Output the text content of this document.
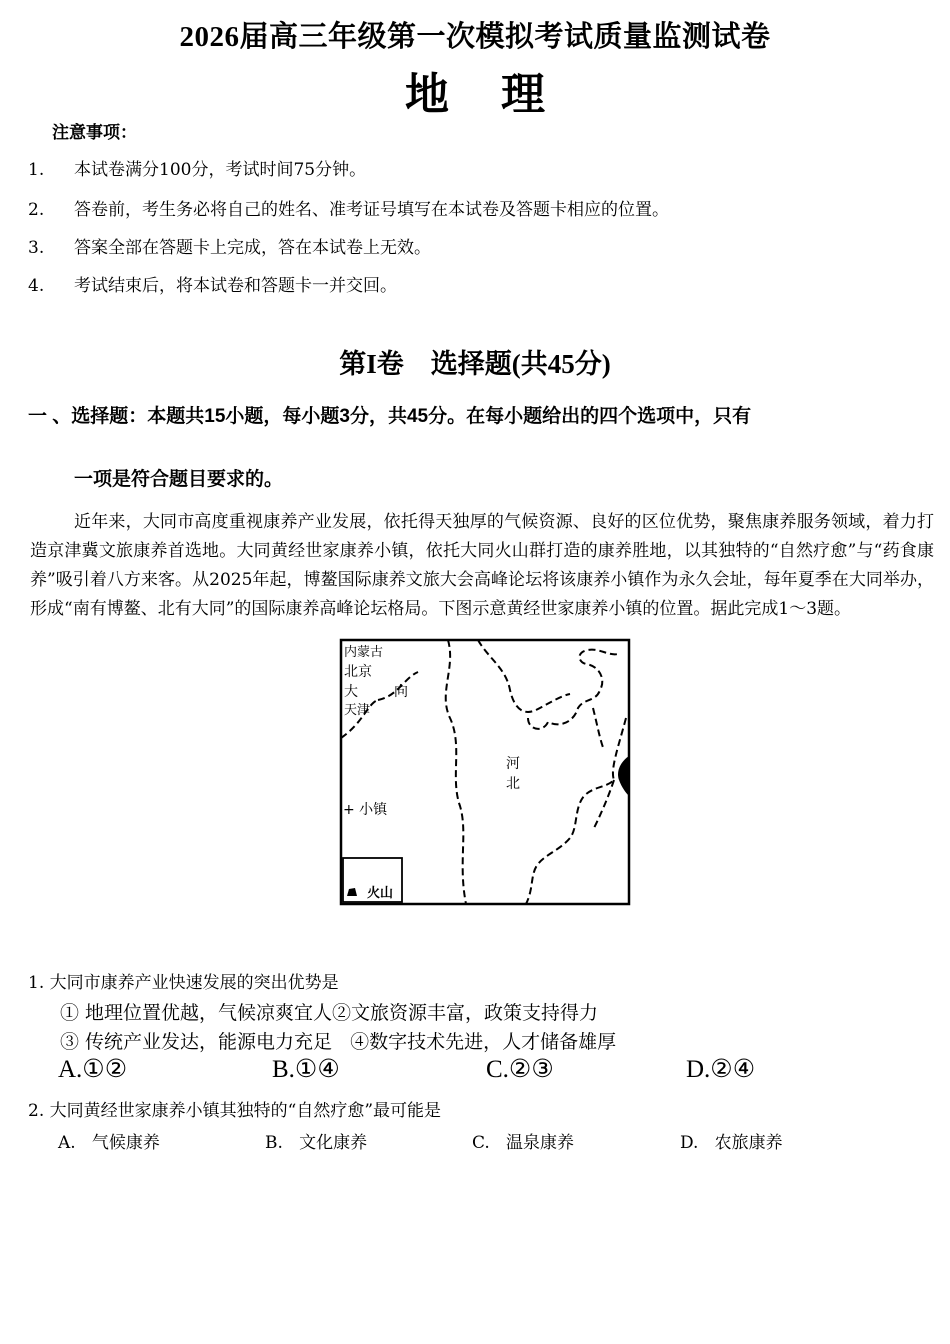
2026届高三年级第一次模拟考试质量监测试卷
地 理
注意事项：
1. 本试卷满分100分，考试时间75分钟。
2. 答卷前，考生务必将自己的姓名、准考证号填写在本试卷及答题卡相应的位置。
3. 答案全部在答题卡上完成，答在本试卷上无效。
4. 考试结束后，将本试卷和答题卡一并交回。
第I卷    选择题(共45分)
一 、选择题：本题共15小题，每小题3分，共45分。在每小题给出的四个选项中，只有
一项是符合题目要求的。
近年来，大同市高度重视康养产业发展，依托得天独厚的气候资源、良好的区位优势，聚焦康养服务领域，着力打造京津冀文旅康养首选地。大同黄经世家康养小镇，依托大同火山群打造的康养胜地，以其独特的“自然疗愈”与“药食康养”吸引着八方来客。从2025年起，博鳌国际康养文旅大会高峰论坛将该康养小镇作为永久会址，每年夏季在大同举办，形成“南有博鳌、北有大同”的国际康养高峰论坛格局。下图示意黄经世家康养小镇的位置。据此完成1～3题。
内蒙古
北京
大	向
天津
河
北
+ 小镇
火山
1. 大同市康养产业快速发展的突出优势是
① 地理位置优越，气候凉爽宜人②文旅资源丰富，政策支持得力
③ 传统产业发达，能源电力充足   ④数字技术先进，人才储备雄厚
A.①②	B.①④	C.②③	D.②④
2. 大同黄经世家康养小镇其独特的“自然疗愈”最可能是
A.   气候康养	B.   文化康养	C.   温泉康养	D.   农旅康养
